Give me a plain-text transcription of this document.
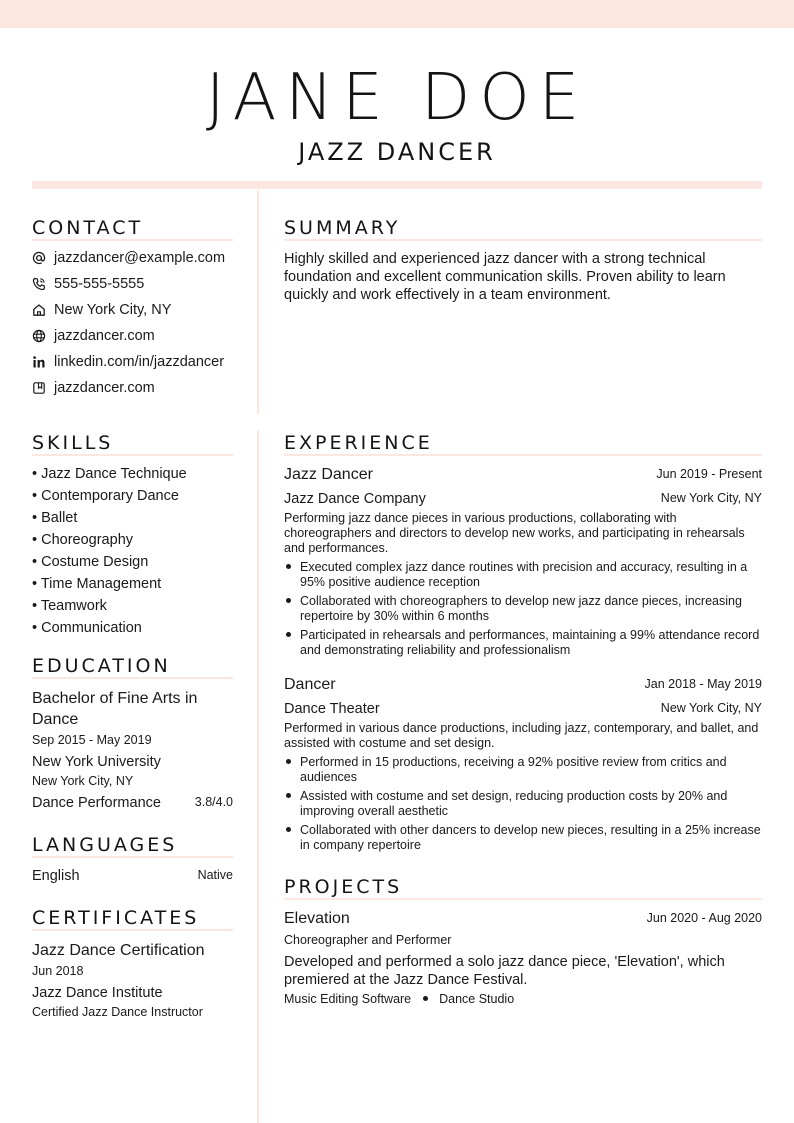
JANE DOE
JAZZ DANCER
CONTACT
jazzdancer@example.com
555-555-5555
New York City, NY
jazzdancer.com
linkedin.com/in/jazzdancer
jazzdancer.com
SKILLS
• Jazz Dance Technique
• Contemporary Dance
• Ballet
• Choreography
• Costume Design
• Time Management
• Teamwork
• Communication
EDUCATION
Bachelor of Fine Arts in Dance
Sep 2015 - May 2019
New York University
New York City, NY
Dance Performance	3.8/4.0
LANGUAGES
English	Native
CERTIFICATES
Jazz Dance Certification
Jun 2018
Jazz Dance Institute
Certified Jazz Dance Instructor
SUMMARY
Highly skilled and experienced jazz dancer with a strong technical foundation and excellent communication skills. Proven ability to learn quickly and work effectively in a team environment.
EXPERIENCE
Jazz Dancer	Jun 2019 - Present
Jazz Dance Company	New York City, NY
Performing jazz dance pieces in various productions, collaborating with choreographers and directors to develop new works, and participating in rehearsals and performances.
Executed complex jazz dance routines with precision and accuracy, resulting in a 95% positive audience reception
Collaborated with choreographers to develop new jazz dance pieces, increasing repertoire by 30% within 6 months
Participated in rehearsals and performances, maintaining a 99% attendance record and demonstrating reliability and professionalism
Dancer	Jan 2018 - May 2019
Dance Theater	New York City, NY
Performed in various dance productions, including jazz, contemporary, and ballet, and assisted with costume and set design.
Performed in 15 productions, receiving a 92% positive review from critics and audiences
Assisted with costume and set design, reducing production costs by 20% and improving overall aesthetic
Collaborated with other dancers to develop new pieces, resulting in a 25% increase in company repertoire
PROJECTS
Elevation	Jun 2020 - Aug 2020
Choreographer and Performer
Developed and performed a solo jazz dance piece, 'Elevation', which premiered at the Jazz Dance Festival.
Music Editing Software Dance Studio
